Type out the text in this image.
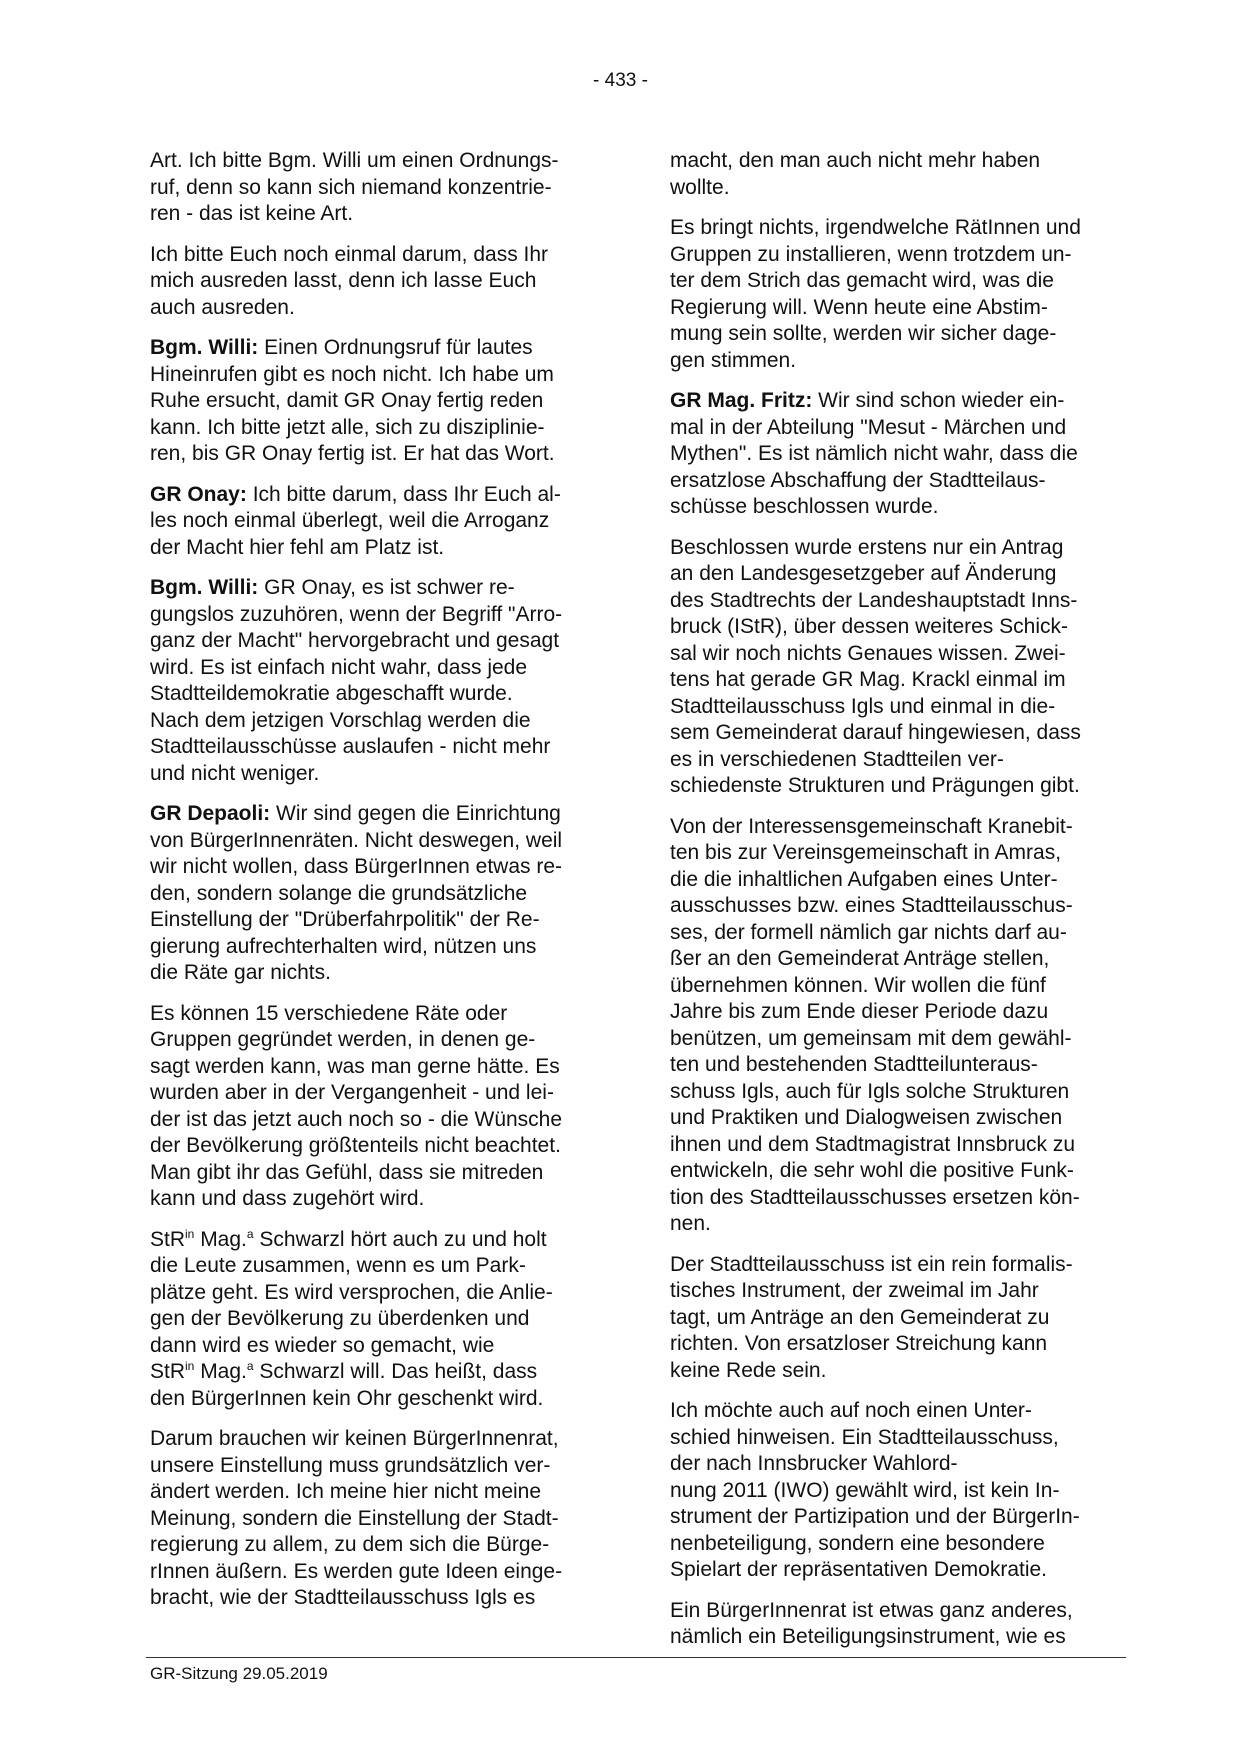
- 433 -

Art. Ich bitte Bgm. Willi um einen Ordnungs-
ruf, denn so kann sich niemand konzentrie-
ren - das ist keine Art.

Ich bitte Euch noch einmal darum, dass Ihr
mich ausreden lasst, denn ich lasse Euch
auch ausreden.

Bgm. Willi: Einen Ordnungsruf für lautes
Hineinrufen gibt es noch nicht. Ich habe um
Ruhe ersucht, damit GR Onay fertig reden
kann. Ich bitte jetzt alle, sich zu disziplinie-
ren, bis GR Onay fertig ist. Er hat das Wort.

GR Onay: Ich bitte darum, dass Ihr Euch al-
les noch einmal überlegt, weil die Arroganz
der Macht hier fehl am Platz ist.

Bgm. Willi: GR Onay, es ist schwer re-
gungslos zuzuhören, wenn der Begriff "Arro-
ganz der Macht" hervorgebracht und gesagt
wird. Es ist einfach nicht wahr, dass jede
Stadtteildemokratie abgeschafft wurde.
Nach dem jetzigen Vorschlag werden die
Stadtteilausschüsse auslaufen - nicht mehr
und nicht weniger.

GR Depaoli: Wir sind gegen die Einrichtung
von BürgerInnenräten. Nicht deswegen, weil
wir nicht wollen, dass BürgerInnen etwas re-
den, sondern solange die grundsätzliche
Einstellung der "Drüberfahrpolitik" der Re-
gierung aufrechterhalten wird, nützen uns
die Räte gar nichts.

Es können 15 verschiedene Räte oder
Gruppen gegründet werden, in denen ge-
sagt werden kann, was man gerne hätte. Es
wurden aber in der Vergangenheit - und lei-
der ist das jetzt auch noch so - die Wünsche
der Bevölkerung größtenteils nicht beachtet.
Man gibt ihr das Gefühl, dass sie mitreden
kann und dass zugehört wird.

StR$^{in}$ Mag.$^a$ Schwarzl hört auch zu und holt
die Leute zusammen, wenn es um Park-
plätze geht. Es wird versprochen, die Anlie-
gen der Bevölkerung zu überdenken und
dann wird es wieder so gemacht, wie
StR$^{in}$ Mag.$^a$ Schwarzl will. Das heißt, dass
den BürgerInnen kein Ohr geschenkt wird.

Darum brauchen wir keinen BürgerInnenrat,
unsere Einstellung muss grundsätzlich ver-
ändert werden. Ich meine hier nicht meine
Meinung, sondern die Einstellung der Stadt-
regierung zu allem, zu dem sich die Bürge-
rInnen äußern. Es werden gute Ideen einge-
bracht, wie der Stadtteilausschuss Igls es

macht, den man auch nicht mehr haben
wollte.

Es bringt nichts, irgendwelche RätInnen und
Gruppen zu installieren, wenn trotzdem un-
ter dem Strich das gemacht wird, was die
Regierung will. Wenn heute eine Abstim-
mung sein sollte, werden wir sicher dage-
gen stimmen.

GR Mag. Fritz: Wir sind schon wieder ein-
mal in der Abteilung "Mesut - Märchen und
Mythen". Es ist nämlich nicht wahr, dass die
ersatzlose Abschaffung der Stadtteilaus-
schüsse beschlossen wurde.

Beschlossen wurde erstens nur ein Antrag
an den Landesgesetzgeber auf Änderung
des Stadtrechts der Landeshauptstadt Inns-
bruck (IStR), über dessen weiteres Schick-
sal wir noch nichts Genaues wissen. Zwei-
tens hat gerade GR Mag. Krackl einmal im
Stadtteilausschuss Igls und einmal in die-
sem Gemeinderat darauf hingewiesen, dass
es in verschiedenen Stadtteilen ver-
schiedenste Strukturen und Prägungen gibt.

Von der Interessensgemeinschaft Kranebit-
ten bis zur Vereinsgemeinschaft in Amras,
die die inhaltlichen Aufgaben eines Unter-
ausschusses bzw. eines Stadtteilausschus-
ses, der formell nämlich gar nichts darf au-
ßer an den Gemeinderat Anträge stellen,
übernehmen können. Wir wollen die fünf
Jahre bis zum Ende dieser Periode dazu
benützen, um gemeinsam mit dem gewähl-
ten und bestehenden Stadtteilunteraus-
schuss Igls, auch für Igls solche Strukturen
und Praktiken und Dialogweisen zwischen
ihnen und dem Stadtmagistrat Innsbruck zu
entwickeln, die sehr wohl die positive Funk-
tion des Stadtteilausschusses ersetzen kön-
nen.

Der Stadtteilausschuss ist ein rein formalis-
tisches Instrument, der zweimal im Jahr
tagt, um Anträge an den Gemeinderat zu
richten. Von ersatzloser Streichung kann
keine Rede sein.

Ich möchte auch auf noch einen Unter-
schied hinweisen. Ein Stadtteilausschuss,
der nach Innsbrucker Wahlord-
nung 2011 (IWO) gewählt wird, ist kein In-
strument der Partizipation und der BürgerIn-
nenbeteiligung, sondern eine besondere
Spielart der repräsentativen Demokratie.

Ein BürgerInnenrat ist etwas ganz anderes,
nämlich ein Beteiligungsinstrument, wie es

GR-Sitzung 29.05.2019
